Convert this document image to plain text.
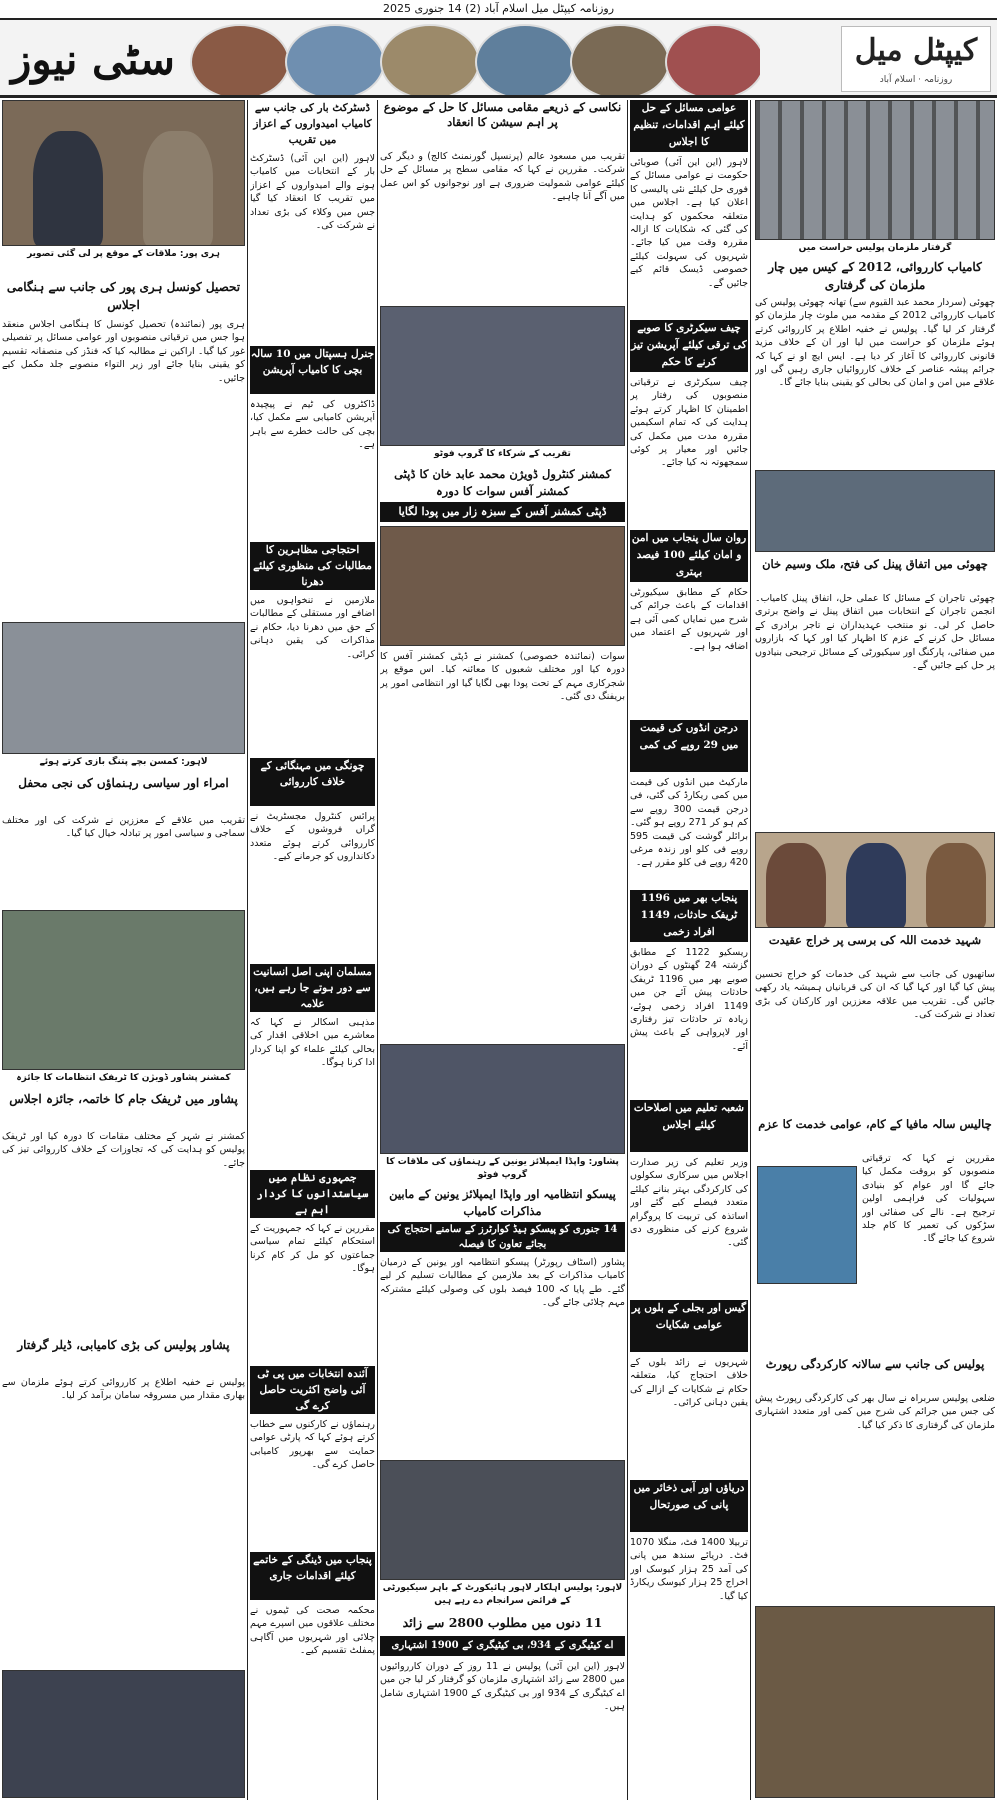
روزنامہ کیپٹل میل اسلام آباد (2) 14 جنوری 2025
کیپٹل میل
روزنامہ · اسلام آباد
سٹی نیوز
گرفتار ملزمان پولیس حراست میں
کامیاب کارروائی، 2012 کے کیس میں چار ملزمان کی گرفتاری
چھوئی (سردار محمد عبد القیوم سے) تھانہ چھوئی پولیس کی کامیاب کارروائی 2012 کے مقدمہ میں ملوث چار ملزمان کو گرفتار کر لیا گیا۔ پولیس نے خفیہ اطلاع پر کارروائی کرتے ہوئے ملزمان کو حراست میں لیا اور ان کے خلاف مزید قانونی کارروائی کا آغاز کر دیا ہے۔ ایس ایچ او نے کہا کہ جرائم پیشہ عناصر کے خلاف کارروائیاں جاری رہیں گی اور علاقے میں امن و امان کی بحالی کو یقینی بنایا جائے گا۔
چھوئی میں اتفاق پینل کی فتح، ملک وسیم خان
چھوئی تاجران کے مسائل کا عملی حل، اتفاق پینل کامیاب۔ انجمن تاجران کے انتخابات میں اتفاق پینل نے واضح برتری حاصل کر لی۔ نو منتخب عہدیداران نے تاجر برادری کے مسائل حل کرنے کے عزم کا اظہار کیا اور کہا کہ بازاروں میں صفائی، پارکنگ اور سیکیورٹی کے مسائل ترجیحی بنیادوں پر حل کیے جائیں گے۔
شہید خدمت اللہ کی برسی پر خراج عقیدت
ساتھیوں کی جانب سے شہید کی خدمات کو خراج تحسین پیش کیا گیا اور کہا گیا کہ ان کی قربانیاں ہمیشہ یاد رکھی جائیں گی۔ تقریب میں علاقہ معززین اور کارکنان کی بڑی تعداد نے شرکت کی۔
چالیس سالہ مافیا کے کام، عوامی خدمت کا عزم
مقررین نے کہا کہ ترقیاتی منصوبوں کو بروقت مکمل کیا جائے گا اور عوام کو بنیادی سہولیات کی فراہمی اولین ترجیح ہے۔ نالے کی صفائی اور سڑکوں کی تعمیر کا کام جلد شروع کیا جائے گا۔
پولیس کی جانب سے سالانہ کارکردگی رپورٹ
ضلعی پولیس سربراہ نے سال بھر کی کارکردگی رپورٹ پیش کی جس میں جرائم کی شرح میں کمی اور متعدد اشتہاری ملزمان کی گرفتاری کا ذکر کیا گیا۔
عوامی مسائل کے حل کیلئے اہم اقدامات، تنظیم کا اجلاس
لاہور (این این آئی) صوبائی حکومت نے عوامی مسائل کے فوری حل کیلئے نئی پالیسی کا اعلان کیا ہے۔ اجلاس میں متعلقہ محکموں کو ہدایت کی گئی کہ شکایات کا ازالہ مقررہ وقت میں کیا جائے۔ شہریوں کی سہولت کیلئے خصوصی ڈیسک قائم کیے جائیں گے۔
چیف سیکرٹری کا صوبے کی ترقی کیلئے آپریشن تیز کرنے کا حکم
چیف سیکرٹری نے ترقیاتی منصوبوں کی رفتار پر اطمینان کا اظہار کرتے ہوئے ہدایت کی کہ تمام اسکیمیں مقررہ مدت میں مکمل کی جائیں اور معیار پر کوئی سمجھوتہ نہ کیا جائے۔
روان سال پنجاب میں امن و امان کیلئے 100 فیصد بہتری
حکام کے مطابق سیکیورٹی اقدامات کے باعث جرائم کی شرح میں نمایاں کمی آئی ہے اور شہریوں کے اعتماد میں اضافہ ہوا ہے۔
درجن انڈوں کی قیمت میں 29 روپے کی کمی
مارکیٹ میں انڈوں کی قیمت میں کمی ریکارڈ کی گئی، فی درجن قیمت 300 روپے سے کم ہو کر 271 روپے ہو گئی۔ برائلر گوشت کی قیمت 595 روپے فی کلو اور زندہ مرغی 420 روپے فی کلو مقرر ہے۔
پنجاب بھر میں 1196 ٹریفک حادثات، 1149 افراد زخمی
ریسکیو 1122 کے مطابق گزشتہ 24 گھنٹوں کے دوران صوبے بھر میں 1196 ٹریفک حادثات پیش آئے جن میں 1149 افراد زخمی ہوئے، زیادہ تر حادثات تیز رفتاری اور لاپرواہی کے باعث پیش آئے۔
شعبہ تعلیم میں اصلاحات کیلئے اجلاس
وزیر تعلیم کی زیر صدارت اجلاس میں سرکاری سکولوں کی کارکردگی بہتر بنانے کیلئے متعدد فیصلے کیے گئے اور اساتذہ کی تربیت کا پروگرام شروع کرنے کی منظوری دی گئی۔
گیس اور بجلی کے بلوں پر عوامی شکایات
شہریوں نے زائد بلوں کے خلاف احتجاج کیا، متعلقہ حکام نے شکایات کے ازالے کی یقین دہانی کرائی۔
دریاؤں اور آبی ذخائر میں پانی کی صورتحال
تربیلا 1400 فٹ، منگلا 1070 فٹ۔ دریائے سندھ میں پانی کی آمد 25 ہزار کیوسک اور اخراج 25 ہزار کیوسک ریکارڈ کیا گیا۔
نکاسی کے ذریعے مقامی مسائل کا حل کے موضوع پر اہم سیشن کا انعقاد
تقریب میں مسعود عالم (پرنسپل گورنمنٹ کالج) و دیگر کی شرکت۔ مقررین نے کہا کہ مقامی سطح پر مسائل کے حل کیلئے عوامی شمولیت ضروری ہے اور نوجوانوں کو اس عمل میں آگے آنا چاہیے۔
تقریب کے شرکاء کا گروپ فوٹو
کمشنر کنٹرول ڈویژن محمد عابد خان کا ڈپٹی کمشنر آفس سوات کا دورہ
ڈپٹی کمشنر آفس کے سبزہ زار میں پودا لگایا
سوات (نمائندہ خصوصی) کمشنر نے ڈپٹی کمشنر آفس کا دورہ کیا اور مختلف شعبوں کا معائنہ کیا۔ اس موقع پر شجرکاری مہم کے تحت پودا بھی لگایا گیا اور انتظامی امور پر بریفنگ دی گئی۔
پشاور: واپڈا ایمپلائز یونین کے رہنماؤں کی ملاقات کا گروپ فوٹو
پیسکو انتظامیہ اور واپڈا ایمپلائز یونین کے مابین مذاکرات کامیاب
14 جنوری کو پیسکو ہیڈ کوارٹرز کے سامنے احتجاج کی بجائے تعاون کا فیصلہ
پشاور (اسٹاف رپورٹر) پیسکو انتظامیہ اور یونین کے درمیان کامیاب مذاکرات کے بعد ملازمین کے مطالبات تسلیم کر لیے گئے۔ طے پایا کہ 100 فیصد بلوں کی وصولی کیلئے مشترکہ مہم چلائی جائے گی۔
لاہور: پولیس اہلکار لاہور ہائیکورٹ کے باہر سیکیورٹی کے فرائض سرانجام دے رہے ہیں
11 دنوں میں مطلوب 2800 سے زائد
اے کیٹیگری کے 934، بی کیٹیگری کے 1900 اشتہاری
لاہور (این این آئی) پولیس نے 11 روز کے دوران کارروائیوں میں 2800 سے زائد اشتہاری ملزمان کو گرفتار کر لیا جن میں اے کیٹیگری کے 934 اور بی کیٹیگری کے 1900 اشتہاری شامل ہیں۔
ڈسٹرکٹ بار کی جانب سے کامیاب امیدواروں کے اعزاز میں تقریب
لاہور (این این آئی) ڈسٹرکٹ بار کے انتخابات میں کامیاب ہونے والے امیدواروں کے اعزاز میں تقریب کا انعقاد کیا گیا جس میں وکلاء کی بڑی تعداد نے شرکت کی۔
جنرل ہسپتال میں 10 سالہ بچی کا کامیاب آپریشن
ڈاکٹروں کی ٹیم نے پیچیدہ آپریشن کامیابی سے مکمل کیا، بچی کی حالت خطرے سے باہر ہے۔
احتجاجی مظاہرین کا مطالبات کی منظوری کیلئے دھرنا
ملازمین نے تنخواہوں میں اضافے اور مستقلی کے مطالبات کے حق میں دھرنا دیا، حکام نے مذاکرات کی یقین دہانی کرائی۔
چونگی میں مہنگائی کے خلاف کارروائی
پرائس کنٹرول مجسٹریٹ نے گراں فروشوں کے خلاف کارروائی کرتے ہوئے متعدد دکانداروں کو جرمانے کیے۔
مسلمان اپنی اصل انسانیت سے دور ہوتے جا رہے ہیں، علامہ
مذہبی اسکالر نے کہا کہ معاشرے میں اخلاقی اقدار کی بحالی کیلئے علماء کو اپنا کردار ادا کرنا ہوگا۔
جمہوری نظام میں سیاستدانوں کا کردار اہم ہے
مقررین نے کہا کہ جمہوریت کے استحکام کیلئے تمام سیاسی جماعتوں کو مل کر کام کرنا ہوگا۔
آئندہ انتخابات میں پی ٹی آئی واضح اکثریت حاصل کرے گی
رہنماؤں نے کارکنوں سے خطاب کرتے ہوئے کہا کہ پارٹی عوامی حمایت سے بھرپور کامیابی حاصل کرے گی۔
پنجاب میں ڈینگی کے خاتمے کیلئے اقدامات جاری
محکمہ صحت کی ٹیموں نے مختلف علاقوں میں اسپرے مہم چلائی اور شہریوں میں آگاہی پمفلٹ تقسیم کیے۔
ہری پور: ملاقات کے موقع پر لی گئی تصویر
تحصیل کونسل ہری پور کی جانب سے ہنگامی اجلاس
ہری پور (نمائندہ) تحصیل کونسل کا ہنگامی اجلاس منعقد ہوا جس میں ترقیاتی منصوبوں اور عوامی مسائل پر تفصیلی غور کیا گیا۔ اراکین نے مطالبہ کیا کہ فنڈز کی منصفانہ تقسیم کو یقینی بنایا جائے اور زیر التواء منصوبے جلد مکمل کیے جائیں۔
لاہور: کمسن بچے پتنگ بازی کرتے ہوئے
امراء اور سیاسی رہنماؤں کی نجی محفل
تقریب میں علاقے کے معززین نے شرکت کی اور مختلف سماجی و سیاسی امور پر تبادلہ خیال کیا گیا۔
کمشنر پشاور ڈویژن کا ٹریفک انتظامات کا جائزہ
پشاور میں ٹریفک جام کا خاتمہ، جائزہ اجلاس
کمشنر نے شہر کے مختلف مقامات کا دورہ کیا اور ٹریفک پولیس کو ہدایت کی کہ تجاوزات کے خلاف کارروائی تیز کی جائے۔
پشاور پولیس کی بڑی کامیابی، ڈیلر گرفتار
پولیس نے خفیہ اطلاع پر کارروائی کرتے ہوئے ملزمان سے بھاری مقدار میں مسروقہ سامان برآمد کر لیا۔
